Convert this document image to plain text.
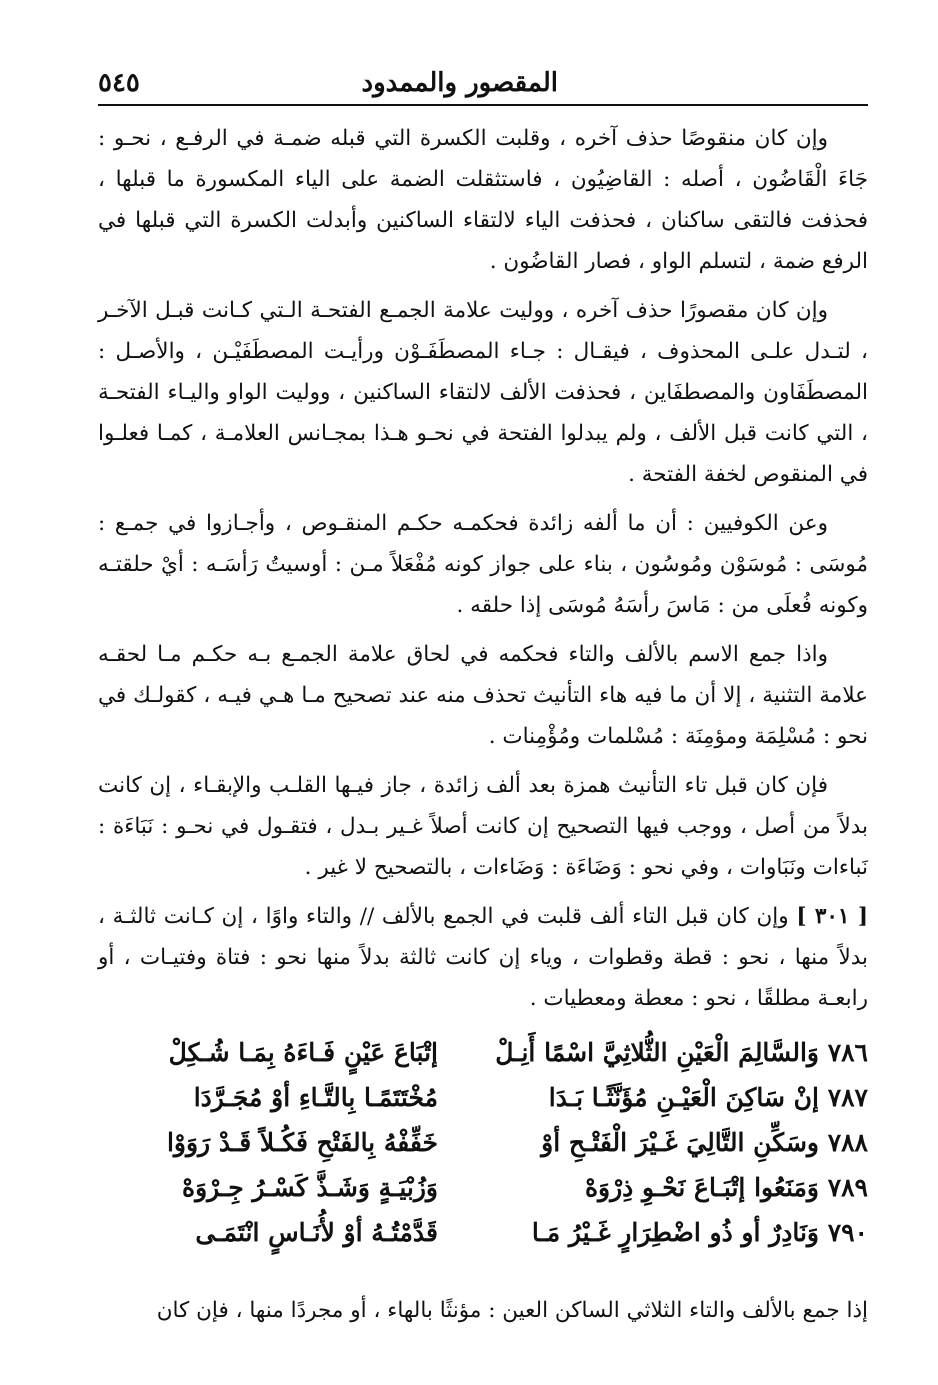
المقصور والممدود
٥٤٥

وإن كان منقوصًا حذف آخره ، وقلبت الكسرة التي قبله ضمـة في الرفـع ، نحـو : جَاءَ الْقَاضُون ، أصله : القاضِيُون ، فاستثقلت الضمة على الياء المكسورة ما قبلها ، فحذفت فالتقى ساكنان ، فحذفت الياء لالتقاء الساكنين وأبدلت الكسرة التي قبلها في الرفع ضمة ، لتسلم الواو ، فصار القاضُون .

وإن كان مقصورًا حذف آخره ، ووليت علامة الجمـع الفتحـة الـتي كـانت قبـل الآخـر ، لتـدل علـى المحذوف ، فيقـال : جـاء المصطَفَـوْن ورأيـت المصطَفَيْـن ، والأصـل : المصطَفَاون والمصطفَاين ، فحذفت الألف لالتقاء الساكنين ، ووليت الواو واليـاء الفتحـة ، التي كانت قبل الألف ، ولم يبدلوا الفتحة في نحـو هـذا بمجـانس العلامـة ، كمـا فعلـوا في المنقوص لخفة الفتحة .

وعن الكوفيين : أن ما ألفه زائدة فحكمـه حكـم المنقـوص ، وأجـازوا في جمـع : مُوسَى : مُوسَوْن ومُوسُون ، بناء على جواز كونه مُفْعَلاً مـن : أوسيتُ رَأسَـه : أيْ حلقتـه وكونه فُعلَى من : مَاسَ رأسَهُ مُوسَى إذا حلقه .

واذا جمع الاسم بالألف والتاء فحكمه في لحاق علامة الجمـع بـه حكـم مـا لحقـه علامة التثنية ، إلا أن ما فيه هاء التأنيث تحذف منه عند تصحيح مـا هـي فيـه ، كقولـك في نحو : مُسْلِمَة ومؤمِنَة : مُسْلمات ومُؤْمِنات .

فإن كان قبل تاء التأنيث همزة بعد ألف زائدة ، جاز فيـها القلـب والإبقـاء ، إن كانت بدلاً من أصل ، ووجب فيها التصحيح إن كانت أصلاً غـير بـدل ، فتقـول في نحـو : نَبَاءَة : نَباءات ونَبَاوات ، وفي نحو : وَضَاءَة : وَضَاءات ، بالتصحيح لا غير .

[ ٣٠١ ] وإن كان قبل التاء ألف قلبت في الجمع بالألف // والتاء واوًا ، إن كـانت ثالثـة ، بدلاً منها ، نحو : قطة وقطوات ، وياء إن كانت ثالثة بدلاً منها نحو : فتاة وفتيـات ، أو رابعـة مطلقًا ، نحو : معطة ومعطيات .

٧٨٦ وَالسَّالِمَ الْعَيْنِ الثُّلاثِيَّ اسْمًا أَنِـلْ
إتْبَاعَ عَيْنٍ فَـاءَهُ بِمَـا شُـكِلْ
٧٨٧ إنْ سَاكِنَ الْعَيْـنِ مُؤَنَّثًـا بَـدَا
مُخْتَتَمًـا بِالتَّـاءِ أوْ مُجَـرَّدَا
٧٨٨ وسَكِّنِ التَّالِيَ غَـيْرَ الْفَتْـحِ أوْ
خَفِّفْهُ بِالفَتْحِ فَكُـلاً قَـدْ رَوَوْا
٧٨٩ وَمَنَعُوا إتْبَـاعَ نَحْـوِ ذِرْوَهْ
وَزُبْيَـةٍ وَشَـذَّ كَسْـرُ جِـرْوَهْ
٧٩٠ وَنَادِرٌ أو ذُو اضْطِرَارٍ غَـيْرُ مَـا
قَدَّمْتُـهُ أوْ لأُنَـاسٍ انْتَمَـى
إذا جمع بالألف والتاء الثلاثي الساكن العين : مؤنثًا بالهاء ، أو مجردًا منها ، فإن كان
